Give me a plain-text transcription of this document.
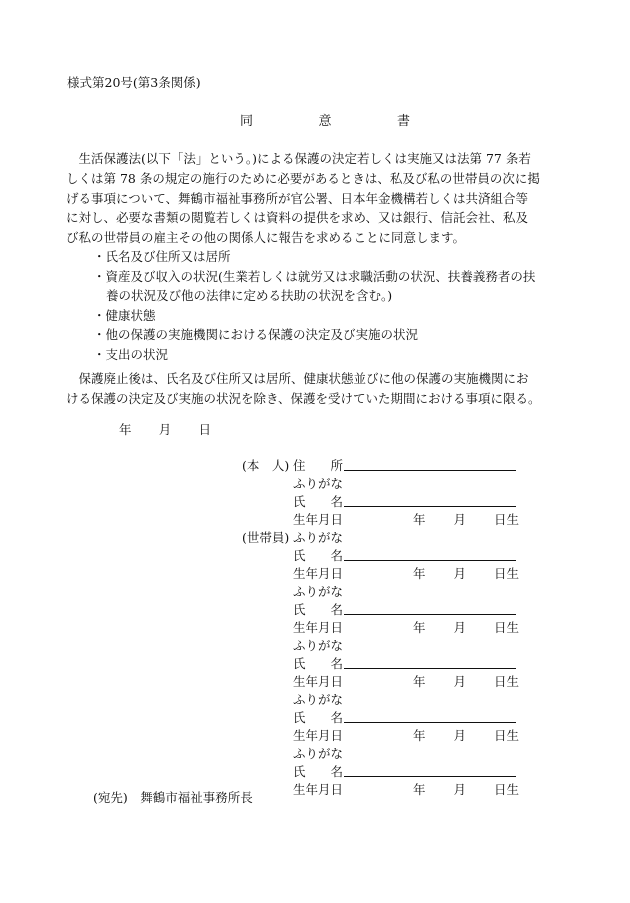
様式第20号(第3条関係)
同	意	書
　生活保護法(以下「法」という。)による保護の決定若しくは実施又は法第 77 条若
しくは第 78 条の規定の施行のために必要があるときは、私及び私の世帯員の次に掲
げる事項について、舞鶴市福祉事務所が官公署、日本年金機構若しくは共済組合等
に対し、必要な書類の閲覧若しくは資料の提供を求め、又は銀行、信託会社、私及
び私の世帯員の雇主その他の関係人に報告を求めることに同意します。
・氏名及び住所又は居所
・資産及び収入の状況(生業若しくは就労又は求職活動の状況、扶養義務者の扶
養の状況及び他の法律に定める扶助の状況を含む。)
・健康状態
・他の保護の実施機関における保護の決定及び実施の状況
・支出の状況
　保護廃止後は、氏名及び住所又は居所、健康状態並びに他の保護の実施機関にお
ける保護の決定及び実施の状況を除き、保護を受けていた期間における事項に限る。
年 月 日
(本　人) 住　　所
ふりがな
氏　　名
生年月日	年 月 日生
(世帯員) ふりがな
氏　　名
生年月日	年 月 日生
ふりがな
氏　　名
生年月日	年 月 日生
ふりがな
氏　　名
生年月日	年 月 日生
ふりがな
氏　　名
生年月日	年 月 日生
ふりがな
氏　　名
生年月日	年 月 日生
(宛先)　舞鶴市福祉事務所長
